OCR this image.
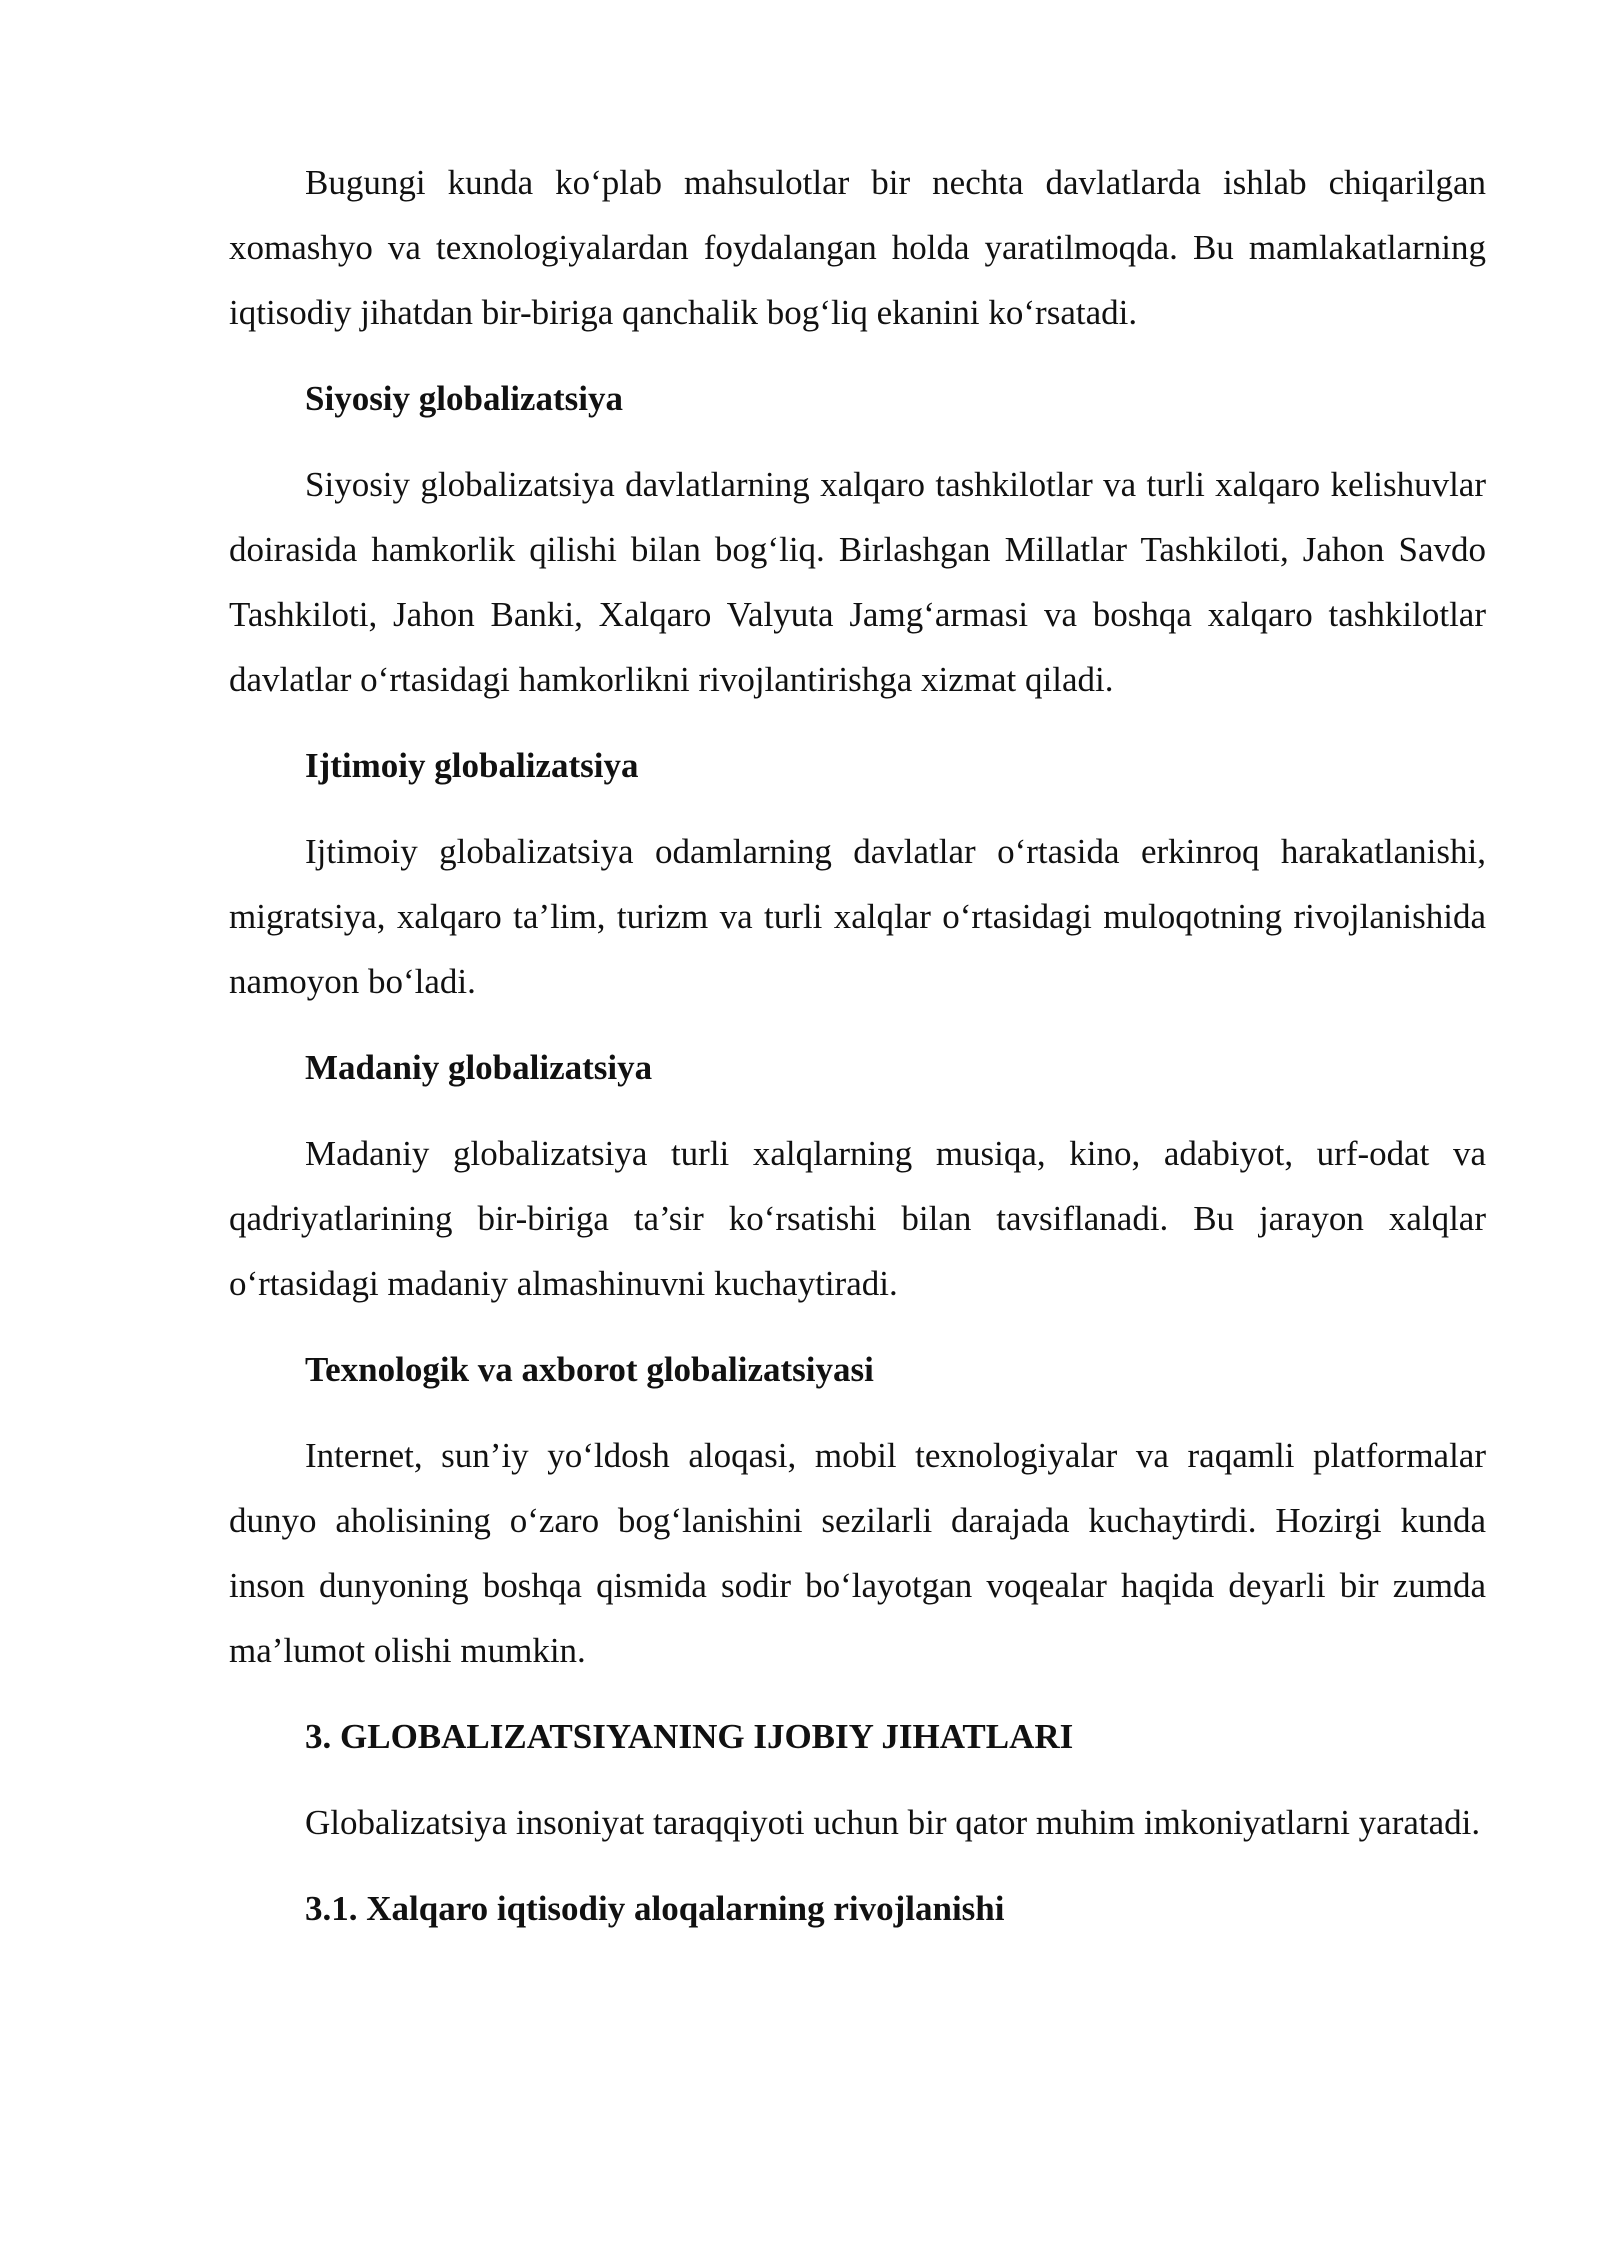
Bugungi kunda ko‘plab mahsulotlar bir nechta davlatlarda ishlab chiqarilgan xomashyo va texnologiyalardan foydalangan holda yaratilmoqda. Bu mamlakatlarning iqtisodiy jihatdan bir-biriga qanchalik bog‘liq ekanini ko‘rsatadi.

Siyosiy globalizatsiya

Siyosiy globalizatsiya davlatlarning xalqaro tashkilotlar va turli xalqaro kelishuvlar doirasida hamkorlik qilishi bilan bog‘liq. Birlashgan Millatlar Tashkiloti, Jahon Savdo Tashkiloti, Jahon Banki, Xalqaro Valyuta Jamg‘armasi va boshqa xalqaro tashkilotlar davlatlar o‘rtasidagi hamkorlikni rivojlantirishga xizmat qiladi.

Ijtimoiy globalizatsiya

Ijtimoiy globalizatsiya odamlarning davlatlar o‘rtasida erkinroq harakatlanishi, migratsiya, xalqaro ta’lim, turizm va turli xalqlar o‘rtasidagi muloqotning rivojlanishida namoyon bo‘ladi.

Madaniy globalizatsiya

Madaniy globalizatsiya turli xalqlarning musiqa, kino, adabiyot, urf-odat va qadriyatlarining bir-biriga ta’sir ko‘rsatishi bilan tavsiflanadi. Bu jarayon xalqlar o‘rtasidagi madaniy almashinuvni kuchaytiradi.

Texnologik va axborot globalizatsiyasi

Internet, sun’iy yo‘ldosh aloqasi, mobil texnologiyalar va raqamli platformalar dunyo aholisining o‘zaro bog‘lanishini sezilarli darajada kuchaytirdi. Hozirgi kunda inson dunyoning boshqa qismida sodir bo‘layotgan voqealar haqida deyarli bir zumda ma’lumot olishi mumkin.

3. GLOBALIZATSIYANING IJOBIY JIHATLARI

Globalizatsiya insoniyat taraqqiyoti uchun bir qator muhim imkoniyatlarni yaratadi.

3.1. Xalqaro iqtisodiy aloqalarning rivojlanishi
